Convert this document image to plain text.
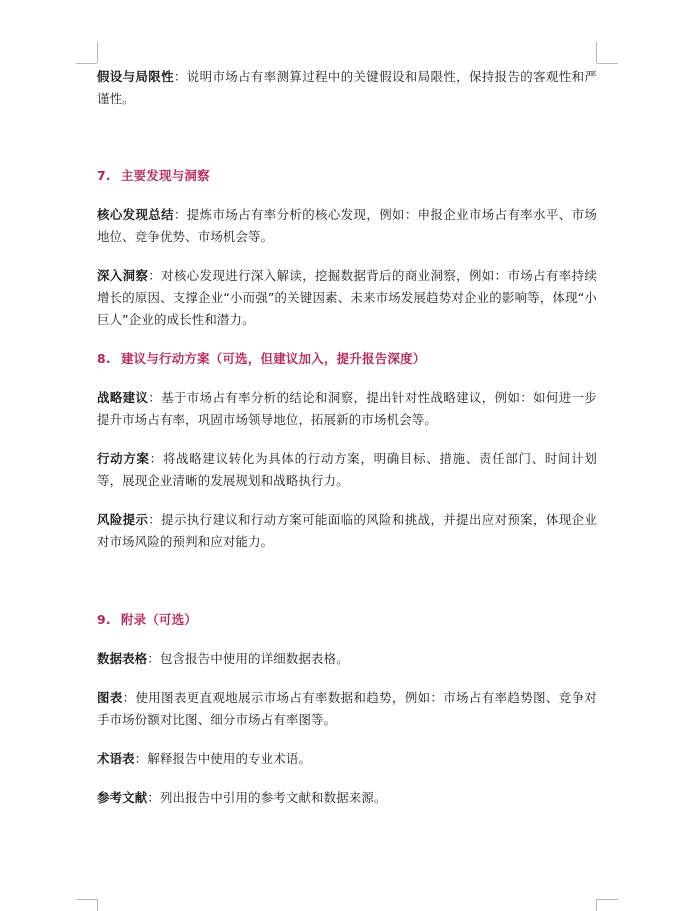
假设与局限性：说明市场占有率测算过程中的关键假设和局限性，保持报告的客观性和严谨性。

7. 主要发现与洞察

核心发现总结：提炼市场占有率分析的核心发现，例如：申报企业市场占有率水平、市场地位、竞争优势、市场机会等。

深入洞察：对核心发现进行深入解读，挖掘数据背后的商业洞察，例如：市场占有率持续增长的原因、支撑企业“小而强”的关键因素、未来市场发展趋势对企业的影响等，体现“小巨人”企业的成长性和潜力。

8. 建议与行动方案（可选，但建议加入，提升报告深度）

战略建议：基于市场占有率分析的结论和洞察，提出针对性战略建议，例如：如何进一步提升市场占有率，巩固市场领导地位，拓展新的市场机会等。

行动方案：将战略建议转化为具体的行动方案，明确目标、措施、责任部门、时间计划等，展现企业清晰的发展规划和战略执行力。

风险提示：提示执行建议和行动方案可能面临的风险和挑战，并提出应对预案，体现企业对市场风险的预判和应对能力。

9. 附录（可选）

数据表格：包含报告中使用的详细数据表格。

图表：使用图表更直观地展示市场占有率数据和趋势，例如：市场占有率趋势图、竞争对手市场份额对比图、细分市场占有率图等。

术语表：解释报告中使用的专业术语。

参考文献：列出报告中引用的参考文献和数据来源。
